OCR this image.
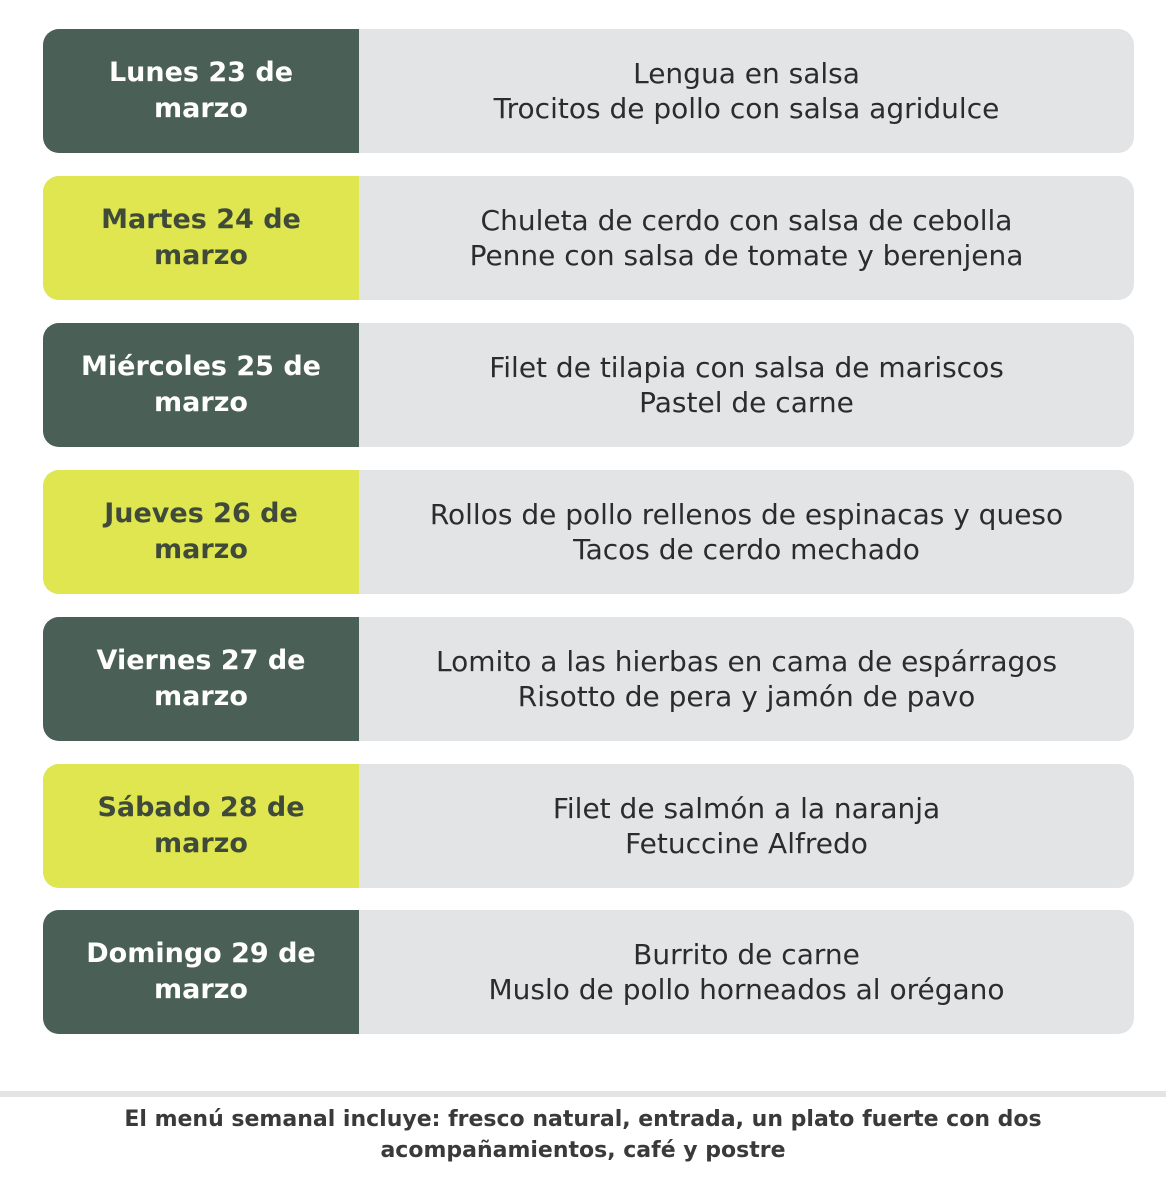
Lunes 23 de
marzo
Lengua en salsa
Trocitos de pollo con salsa agridulce
Martes 24 de
marzo
Chuleta de cerdo con salsa de cebolla
Penne con salsa de tomate y berenjena
Miércoles 25 de
marzo
Filet de tilapia con salsa de mariscos
Pastel de carne
Jueves 26 de
marzo
Rollos de pollo rellenos de espinacas y queso
Tacos de cerdo mechado
Viernes 27 de
marzo
Lomito a las hierbas en cama de espárragos
Risotto de pera y jamón de pavo
Sábado 28 de
marzo
Filet de salmón a la naranja
Fetuccine Alfredo
Domingo 29 de
marzo
Burrito de carne
Muslo de pollo horneados al orégano
El menú semanal incluye: fresco natural, entrada, un plato fuerte con dos
acompañamientos, café y postre
